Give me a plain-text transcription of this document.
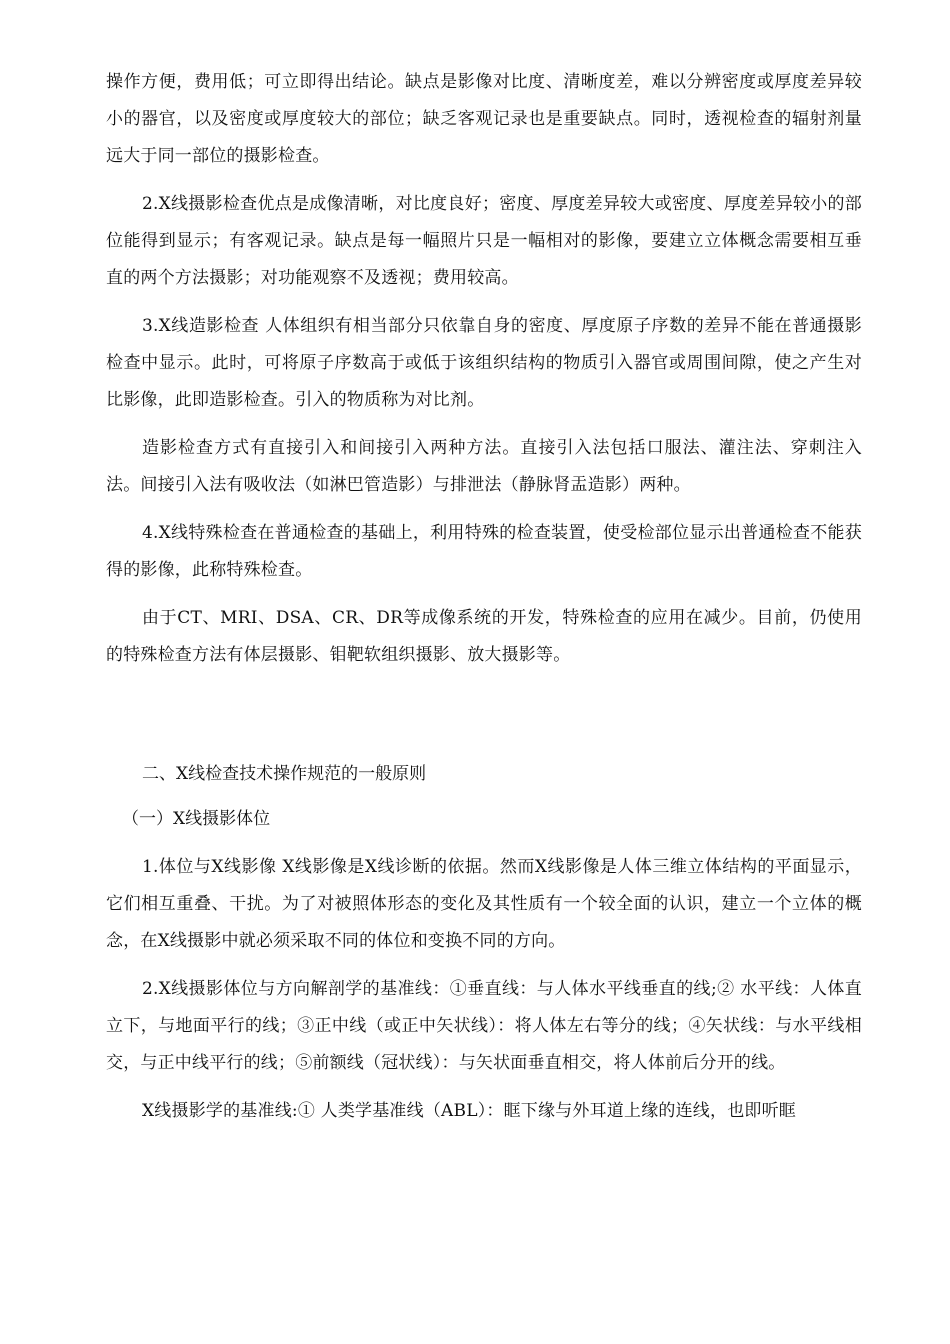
操作方便，费用低；可立即得出结论。缺点是影像对比度、清晰度差，难以分辨密度或厚度差异较小的器官，以及密度或厚度较大的部位；缺乏客观记录也是重要缺点。同时，透视检查的辐射剂量远大于同一部位的摄影检查。

2.X线摄影检查优点是成像清晰，对比度良好；密度、厚度差异较大或密度、厚度差异较小的部位能得到显示；有客观记录。缺点是每一幅照片只是一幅相对的影像，要建立立体概念需要相互垂直的两个方法摄影；对功能观察不及透视；费用较高。

3.X线造影检查 人体组织有相当部分只依靠自身的密度、厚度原子序数的差异不能在普通摄影检查中显示。此时，可将原子序数高于或低于该组织结构的物质引入器官或周围间隙，使之产生对比影像，此即造影检查。引入的物质称为对比剂。

造影检查方式有直接引入和间接引入两种方法。直接引入法包括口服法、灌注法、穿刺注入法。间接引入法有吸收法（如淋巴管造影）与排泄法（静脉肾盂造影）两种。

4.X线特殊检查在普通检查的基础上，利用特殊的检查装置，使受检部位显示出普通检查不能获得的影像，此称特殊检查。

由于CT、MRI、DSA、CR、DR等成像系统的开发，特殊检查的应用在减少。目前，仍使用的特殊检查方法有体层摄影、钼靶软组织摄影、放大摄影等。

二、X线检查技术操作规范的一般原则

（一）X线摄影体位

1.体位与X线影像 X线影像是X线诊断的依据。然而X线影像是人体三维立体结构的平面显示，它们相互重叠、干扰。为了对被照体形态的变化及其性质有一个较全面的认识，建立一个立体的概念，在X线摄影中就必须采取不同的体位和变换不同的方向。

2.X线摄影体位与方向解剖学的基准线：①垂直线：与人体水平线垂直的线;② 水平线：人体直立下，与地面平行的线；③正中线（或正中矢状线）：将人体左右等分的线；④矢状线：与水平线相交，与正中线平行的线；⑤前额线（冠状线）：与矢状面垂直相交，将人体前后分开的线。

X线摄影学的基准线:① 人类学基准线（ABL）：眶下缘与外耳道上缘的连线，也即听眶
